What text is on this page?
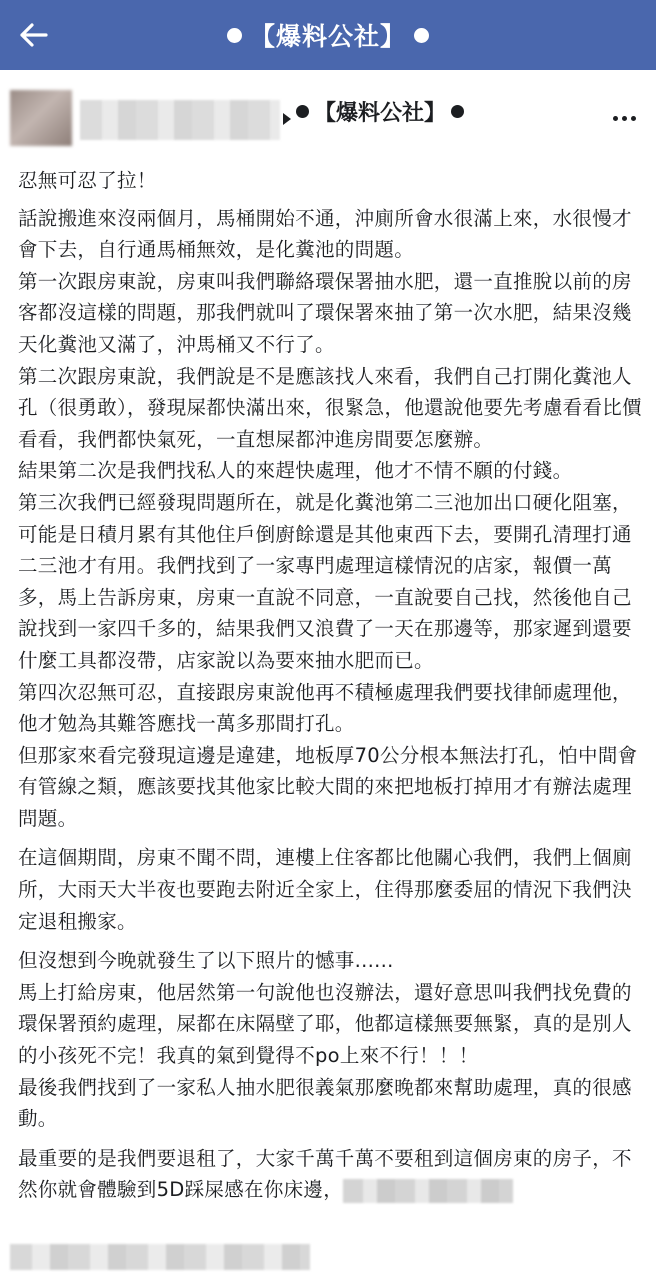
【爆料公社】
【爆料公社】

忍無可忍了拉！

話說搬進來沒兩個月，馬桶開始不通，沖廁所會水很滿上來，水很慢才會下去，自行通馬桶無效，是化糞池的問題。

第一次跟房東說，房東叫我們聯絡環保署抽水肥，還一直推脫以前的房客都沒這樣的問題，那我們就叫了環保署來抽了第一次水肥，結果沒幾天化糞池又滿了，沖馬桶又不行了。

第二次跟房東說，我們說是不是應該找人來看，我們自己打開化糞池人孔（很勇敢），發現屎都快滿出來，很緊急，他還說他要先考慮看看比價看看，我們都快氣死，一直想屎都沖進房間要怎麼辦。

結果第二次是我們找私人的來趕快處理，他才不情不願的付錢。

第三次我們已經發現問題所在，就是化糞池第二三池加出口硬化阻塞，可能是日積月累有其他住戶倒廚餘還是其他東西下去，要開孔清理打通二三池才有用。我們找到了一家專門處理這樣情況的店家，報價一萬多，馬上告訴房東，房東一直說不同意，一直說要自己找，然後他自己說找到一家四千多的，結果我們又浪費了一天在那邊等，那家遲到還要什麼工具都沒帶，店家說以為要來抽水肥而已。

第四次忍無可忍，直接跟房東說他再不積極處理我們要找律師處理他，他才勉為其難答應找一萬多那間打孔。

但那家來看完發現這邊是違建，地板厚70公分根本無法打孔，怕中間會有管線之類，應該要找其他家比較大間的來把地板打掉用才有辦法處理問題。

在這個期間，房東不聞不問，連樓上住客都比他關心我們，我們上個廁所，大雨天大半夜也要跑去附近全家上，住得那麼委屈的情況下我們決定退租搬家。

但沒想到今晚就發生了以下照片的憾事......

馬上打給房東，他居然第一句說他也沒辦法，還好意思叫我們找免費的環保署預約處理，屎都在床隔壁了耶，他都這樣無要無緊，真的是別人的小孩死不完！我真的氣到覺得不po上來不行！！！

最後我們找到了一家私人抽水肥很義氣那麼晚都來幫助處理，真的很感動。

最重要的是我們要退租了，大家千萬千萬不要租到這個房東的房子，不然你就會體驗到5D踩屎感在你床邊，
